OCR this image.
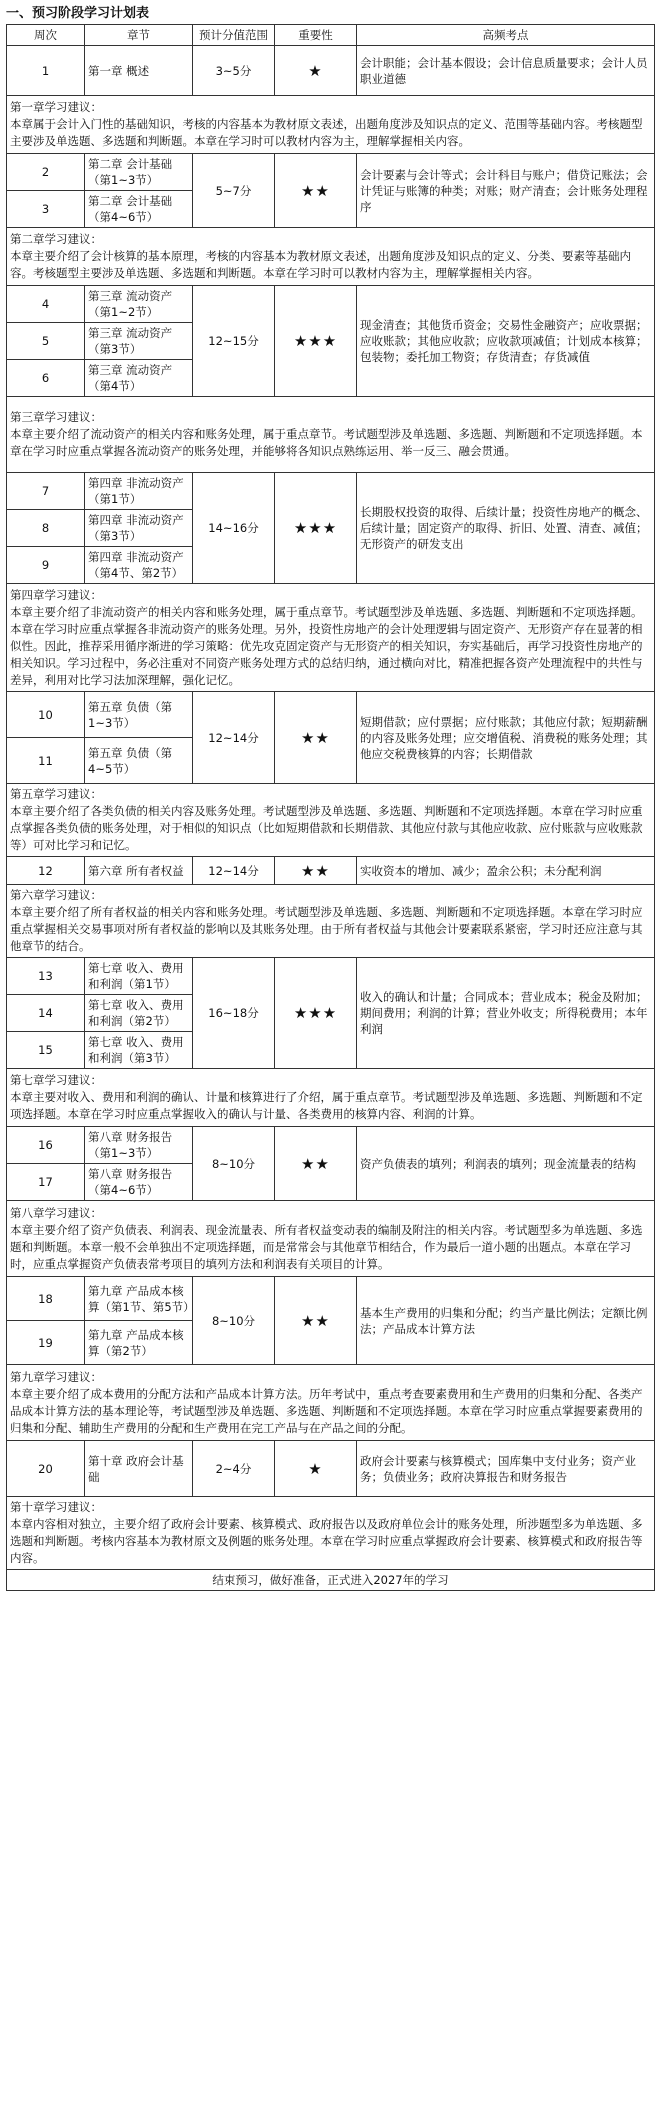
一、预习阶段学习计划表
周次	章节	预计分值范围	重要性	高频考点
1	第一章 概述	3~5分	★	会计职能；会计基本假设；会计信息质量要求；会计人员职业道德

第一章学习建议：
本章属于会计入门性的基础知识，考核的内容基本为教材原文表述，出题角度涉及知识点的定义、范围等基础内容。考核题型主要涉及单选题、多选题和判断题。本章在学习时可以教材内容为主，理解掌握相关内容。				

2	第二章 会计基础（第1~3节）	5~7分	★★	会计要素与会计等式；会计科目与账户；借贷记账法；会计凭证与账簿的种类；对账；财产清查；会计账务处理程序
3	第二章 会计基础（第4~6节）			

第二章学习建议：
本章主要介绍了会计核算的基本原理，考核的内容基本为教材原文表述，出题角度涉及知识点的定义、分类、要素等基础内容。考核题型主要涉及单选题、多选题和判断题。本章在学习时可以教材内容为主，理解掌握相关内容。				

4	第三章 流动资产（第1~2节）	12~15分	★★★	现金清查；其他货币资金；交易性金融资产；应收票据；应收账款；其他应收款；应收款项减值；计划成本核算；包装物；委托加工物资；存货清查；存货减值
5	第三章 流动资产（第3节）			
6	第三章 流动资产（第4节）			

第三章学习建议：
本章主要介绍了流动资产的相关内容和账务处理，属于重点章节。考试题型涉及单选题、多选题、判断题和不定项选择题。本章在学习时应重点掌握各流动资产的账务处理，并能够将各知识点熟练运用、举一反三、融会贯通。				

7	第四章 非流动资产（第1节）	14~16分	★★★	长期股权投资的取得、后续计量；投资性房地产的概念、后续计量；固定资产的取得、折旧、处置、清查、减值；无形资产的研发支出
8	第四章 非流动资产（第3节）			
9	第四章 非流动资产（第4节、第2节）			

第四章学习建议：
本章主要介绍了非流动资产的相关内容和账务处理，属于重点章节。考试题型涉及单选题、多选题、判断题和不定项选择题。本章在学习时应重点掌握各非流动资产的账务处理。另外，投资性房地产的会计处理逻辑与固定资产、无形资产存在显著的相似性。因此，推荐采用循序渐进的学习策略：优先攻克固定资产与无形资产的相关知识，夯实基础后，再学习投资性房地产的相关知识。学习过程中，务必注重对不同资产账务处理方式的总结归纳，通过横向对比，精准把握各资产处理流程中的共性与差异，利用对比学习法加深理解，强化记忆。				

10	第五章 负债（第1~3节）	12~14分	★★	短期借款；应付票据；应付账款；其他应付款；短期薪酬的内容及账务处理；应交增值税、消费税的账务处理；其他应交税费核算的内容；长期借款
11	第五章 负债（第4~5节）			

第五章学习建议：
本章主要介绍了各类负债的相关内容及账务处理。考试题型涉及单选题、多选题、判断题和不定项选择题。本章在学习时应重点掌握各类负债的账务处理，对于相似的知识点（比如短期借款和长期借款、其他应付款与其他应收款、应付账款与应收账款等）可对比学习和记忆。				

12	第六章 所有者权益	12~14分	★★	实收资本的增加、减少；盈余公积；未分配利润

第六章学习建议：
本章主要介绍了所有者权益的相关内容和账务处理。考试题型涉及单选题、多选题、判断题和不定项选择题。本章在学习时应重点掌握相关交易事项对所有者权益的影响以及其账务处理。由于所有者权益与其他会计要素联系紧密，学习时还应注意与其他章节的结合。				

13	第七章 收入、费用和利润（第1节）	16~18分	★★★	收入的确认和计量；合同成本；营业成本；税金及附加；期间费用；利润的计算；营业外收支；所得税费用；本年利润
14	第七章 收入、费用和利润（第2节）			
15	第七章 收入、费用和利润（第3节）			

第七章学习建议：
本章主要对收入、费用和利润的确认、计量和核算进行了介绍，属于重点章节。考试题型涉及单选题、多选题、判断题和不定项选择题。本章在学习时应重点掌握收入的确认与计量、各类费用的核算内容、利润的计算。				

16	第八章 财务报告（第1~3节）	8~10分	★★	资产负债表的填列；利润表的填列；现金流量表的结构
17	第八章 财务报告（第4~6节）			

第八章学习建议：
本章主要介绍了资产负债表、利润表、现金流量表、所有者权益变动表的编制及附注的相关内容。考试题型多为单选题、多选题和判断题。本章一般不会单独出不定项选择题，而是常常会与其他章节相结合，作为最后一道小题的出题点。本章在学习时，应重点掌握资产负债表常考项目的填列方法和利润表有关项目的计算。				

18	第九章 产品成本核算（第1节、第5节）	8~10分	★★	基本生产费用的归集和分配；约当产量比例法；定额比例法；产品成本计算方法
19	第九章 产品成本核算（第2节）			

第九章学习建议：
本章主要介绍了成本费用的分配方法和产品成本计算方法。历年考试中，重点考查要素费用和生产费用的归集和分配、各类产品成本计算方法的基本理论等，考试题型涉及单选题、多选题、判断题和不定项选择题。本章在学习时应重点掌握要素费用的归集和分配、辅助生产费用的分配和生产费用在完工产品与在产品之间的分配。				

20	第十章 政府会计基础	2~4分	★	政府会计要素与核算模式；国库集中支付业务；资产业务；负债业务；政府决算报告和财务报告

第十章学习建议：
本章内容相对独立，主要介绍了政府会计要素、核算模式、政府报告以及政府单位会计的账务处理，所涉题型多为单选题、多选题和判断题。考核内容基本为教材原文及例题的账务处理。本章在学习时应重点掌握政府会计要素、核算模式和政府报告等内容。				

结束预习，做好准备，正式进入2027年的学习				
